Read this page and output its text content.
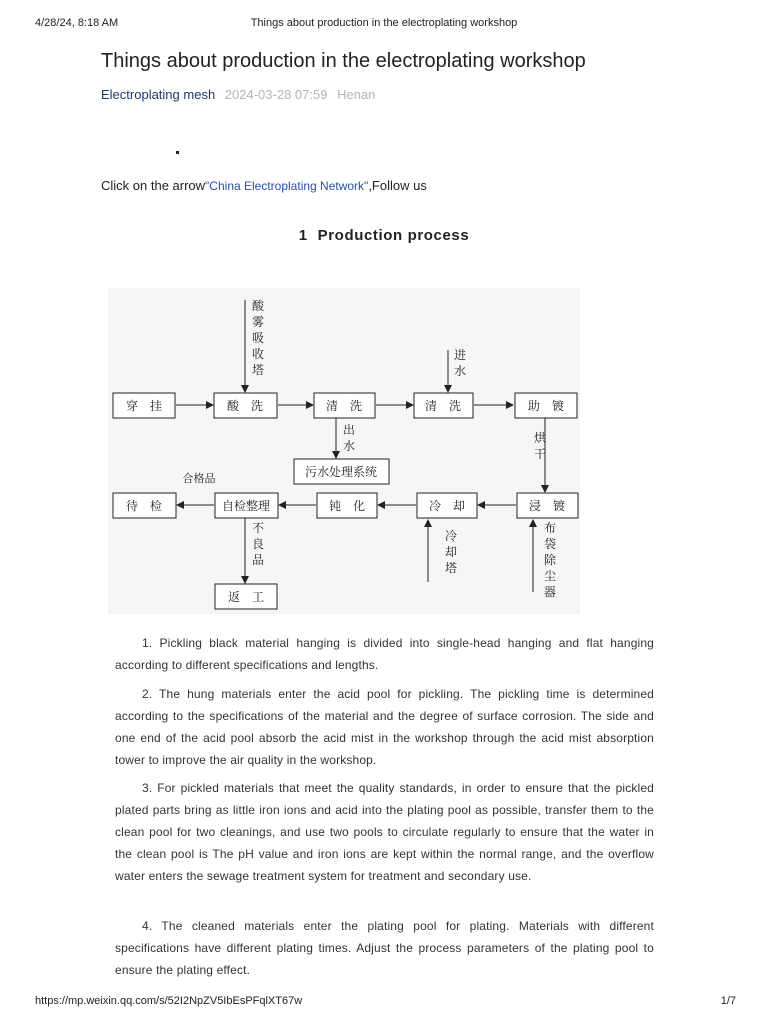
4/28/24, 8:18 AM	Things about production in the electroplating workshop
Things about production in the electroplating workshop
Electroplating mesh 2024-03-28 07:59 Henan
Click on the arrow"China Electroplating Network",Follow us
1 Production process
穿　挂	酸　洗	清　洗	清　洗	助　镀
污水处理系统
待　检	自检整理	钝　化	冷　却	浸　镀
返　工
酸
雾
吸
收
塔
进
水
出
水
烘
干
合格品
不
良
品
冷
却
塔
布
袋
除
尘
器

1. Pickling black material hanging is divided into single-head hanging and flat hanging according to different specifications and lengths.

2. The hung materials enter the acid pool for pickling. The pickling time is determined according to the specifications of the material and the degree of surface corrosion. The side and one end of the acid pool absorb the acid mist in the workshop through the acid mist absorption tower to improve the air quality in the workshop.

3. For pickled materials that meet the quality standards, in order to ensure that the pickled plated parts bring as little iron ions and acid into the plating pool as possible, transfer them to the clean pool for two cleanings, and use two pools to circulate regularly to ensure that the water in the clean pool is The pH value and iron ions are kept within the normal range, and the overflow water enters the sewage treatment system for treatment and secondary use.

4. The cleaned materials enter the plating pool for plating. Materials with different specifications have different plating times. Adjust the process parameters of the plating pool to ensure the plating effect.

https://mp.weixin.qq.com/s/52I2NpZV5IbEsPFqlXT67w	1/7
